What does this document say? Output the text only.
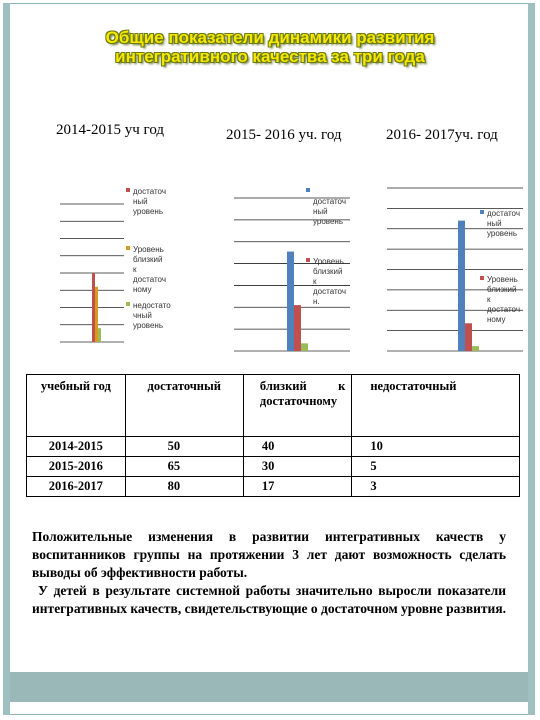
Общие показатели динамики развития
интегративного качества за три года
2014-2015 уч год	2015- 2016 уч. год	2016- 2017уч. год
достаточ
ный
уровень
Уровень
близкий
к
достаточ
ному
недостато
чный
уровень
достаточ
ный
уровень
Уровень
близкий
к
достаточ
н.
достаточ
ный
уровень
Уровень
близкий
к
достаточ
ному
учебный год	достаточный	близкий к достаточному	недостаточный
2014-2015	50	40	10
2015-2016	65	30	5
2016-2017	80	17	3

Положительные изменения в развитии интегративных качеств у воспитанников группы на протяжении 3 лет дают возможность сделать выводы об эффективности работы.

У детей в результате системной работы значительно выросли показатели интегративных качеств, свидетельствующие о достаточном уровне развития.
